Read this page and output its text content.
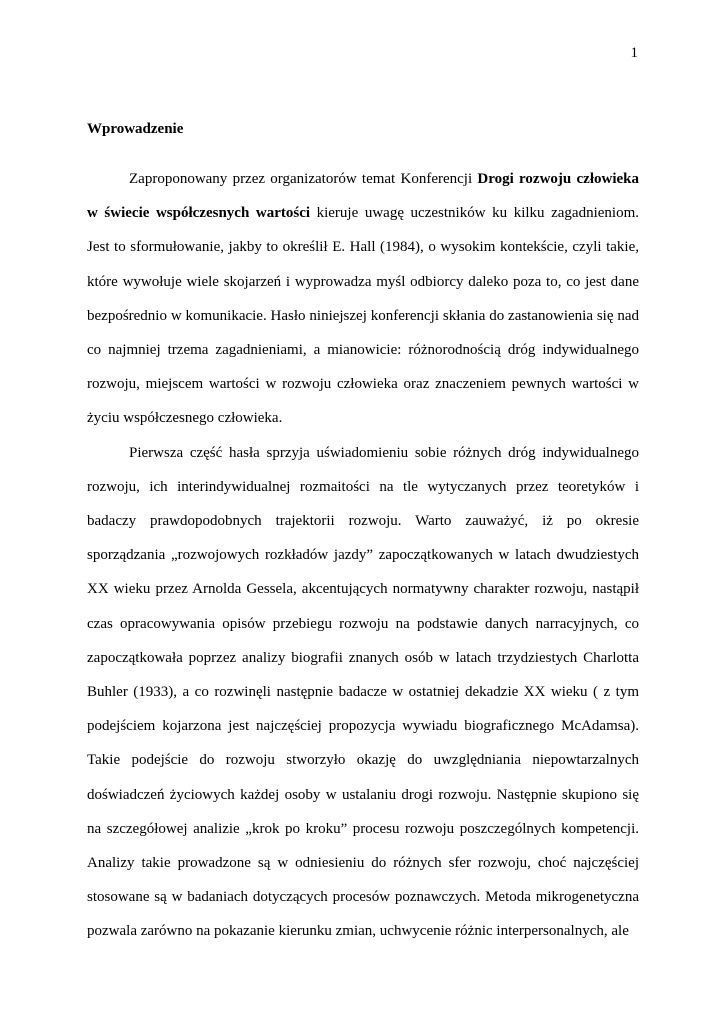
1
Wprowadzenie

Zaproponowany przez organizatorów temat Konferencji Drogi rozwoju człowieka w świecie współczesnych wartości kieruje uwagę uczestników ku kilku zagadnieniom. Jest to sformułowanie, jakby to określił E. Hall (1984), o wysokim kontekście, czyli takie, które wywołuje wiele skojarzeń i wyprowadza myśl odbiorcy daleko poza to, co jest dane bezpośrednio w komunikacie. Hasło niniejszej konferencji skłania do zastanowienia się nad co najmniej trzema zagadnieniami, a mianowicie: różnorodnością dróg indywidualnego rozwoju, miejscem wartości w rozwoju człowieka oraz znaczeniem pewnych wartości w życiu współczesnego człowieka.

Pierwsza część hasła sprzyja uświadomieniu sobie różnych dróg indywidualnego rozwoju, ich interindywidualnej rozmaitości na tle wytyczanych przez teoretyków i badaczy prawdopodobnych trajektorii rozwoju. Warto zauważyć, iż po okresie sporządzania „rozwojowych rozkładów jazdy” zapoczątkowanych w latach dwudziestych XX wieku przez Arnolda Gessela, akcentujących normatywny charakter rozwoju, nastąpił czas opracowywania opisów przebiegu rozwoju na podstawie danych narracyjnych, co zapoczątkowała poprzez analizy biografii znanych osób w latach trzydziestych Charlotta Buhler (1933), a co rozwinęli następnie badacze w ostatniej dekadzie XX wieku ( z tym podejściem kojarzona jest najczęściej propozycja wywiadu biograficznego McAdamsa). Takie podejście do rozwoju stworzyło okazję do uwzględniania niepowtarzalnych doświadczeń życiowych każdej osoby w ustalaniu drogi rozwoju. Następnie skupiono się na szczegółowej analizie „krok po kroku” procesu rozwoju poszczególnych kompetencji. Analizy takie prowadzone są w odniesieniu do różnych sfer rozwoju, choć najczęściej stosowane są w badaniach dotyczących procesów poznawczych. Metoda mikrogenetyczna pozwala zarówno na pokazanie kierunku zmian, uchwycenie różnic interpersonalnych, ale
